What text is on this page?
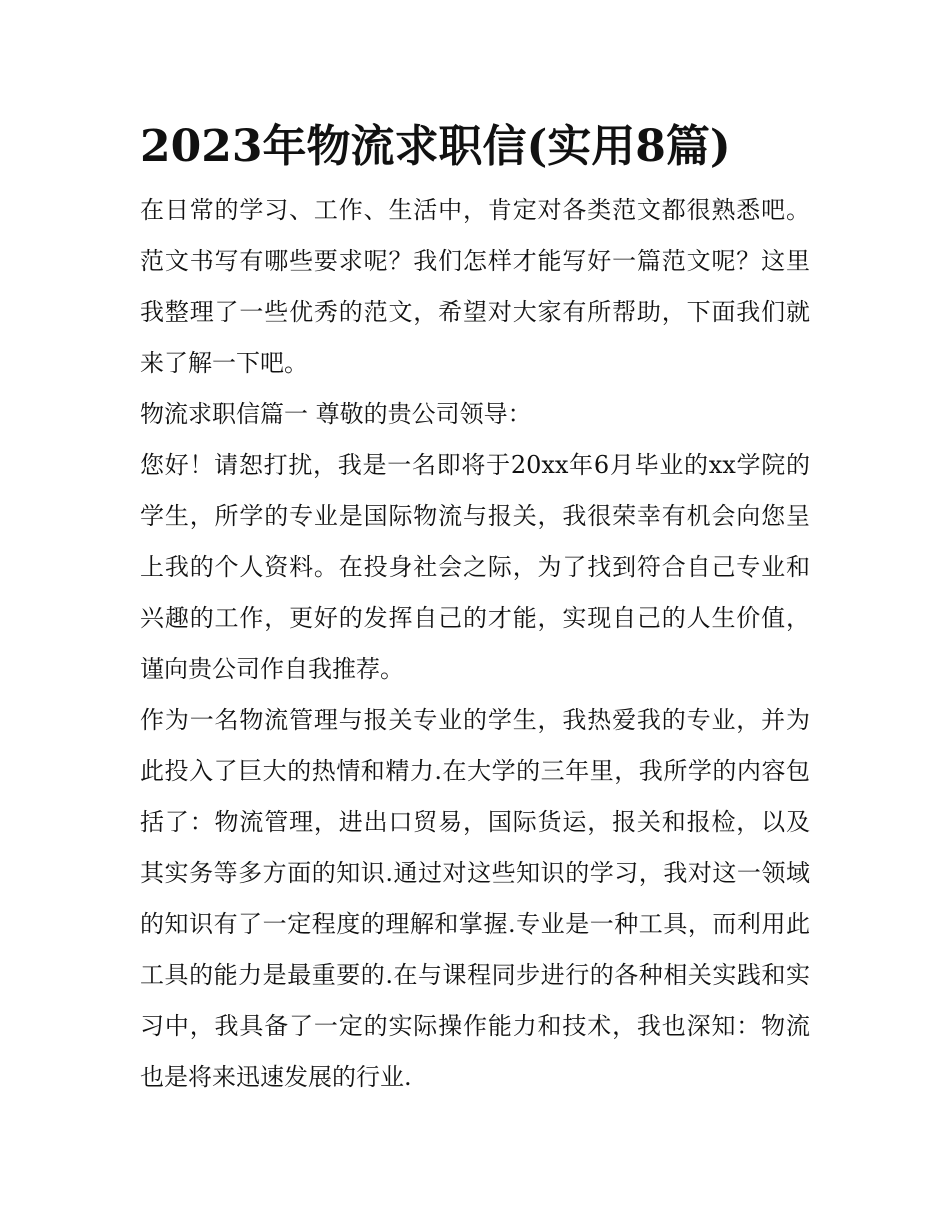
2023年物流求职信(实用8篇)

在日常的学习、工作、生活中，肯定对各类范文都很熟悉吧。范文书写有哪些要求呢？我们怎样才能写好一篇范文呢？这里我整理了一些优秀的范文，希望对大家有所帮助，下面我们就来了解一下吧。

物流求职信篇一 尊敬的贵公司领导：

您好！请恕打扰，我是一名即将于20xx年6月毕业的xx学院的学生，所学的专业是国际物流与报关，我很荣幸有机会向您呈上我的个人资料。在投身社会之际，为了找到符合自己专业和兴趣的工作，更好的发挥自己的才能，实现自己的人生价值，谨向贵公司作自我推荐。

作为一名物流管理与报关专业的学生，我热爱我的专业，并为此投入了巨大的热情和精力.在大学的三年里，我所学的内容包括了：物流管理，进出口贸易，国际货运，报关和报检，以及其实务等多方面的知识.通过对这些知识的学习，我对这一领域的知识有了一定程度的理解和掌握.专业是一种工具，而利用此工具的能力是最重要的.在与课程同步进行的各种相关实践和实习中，我具备了一定的实际操作能力和技术，我也深知：物流也是将来迅速发展的行业.
